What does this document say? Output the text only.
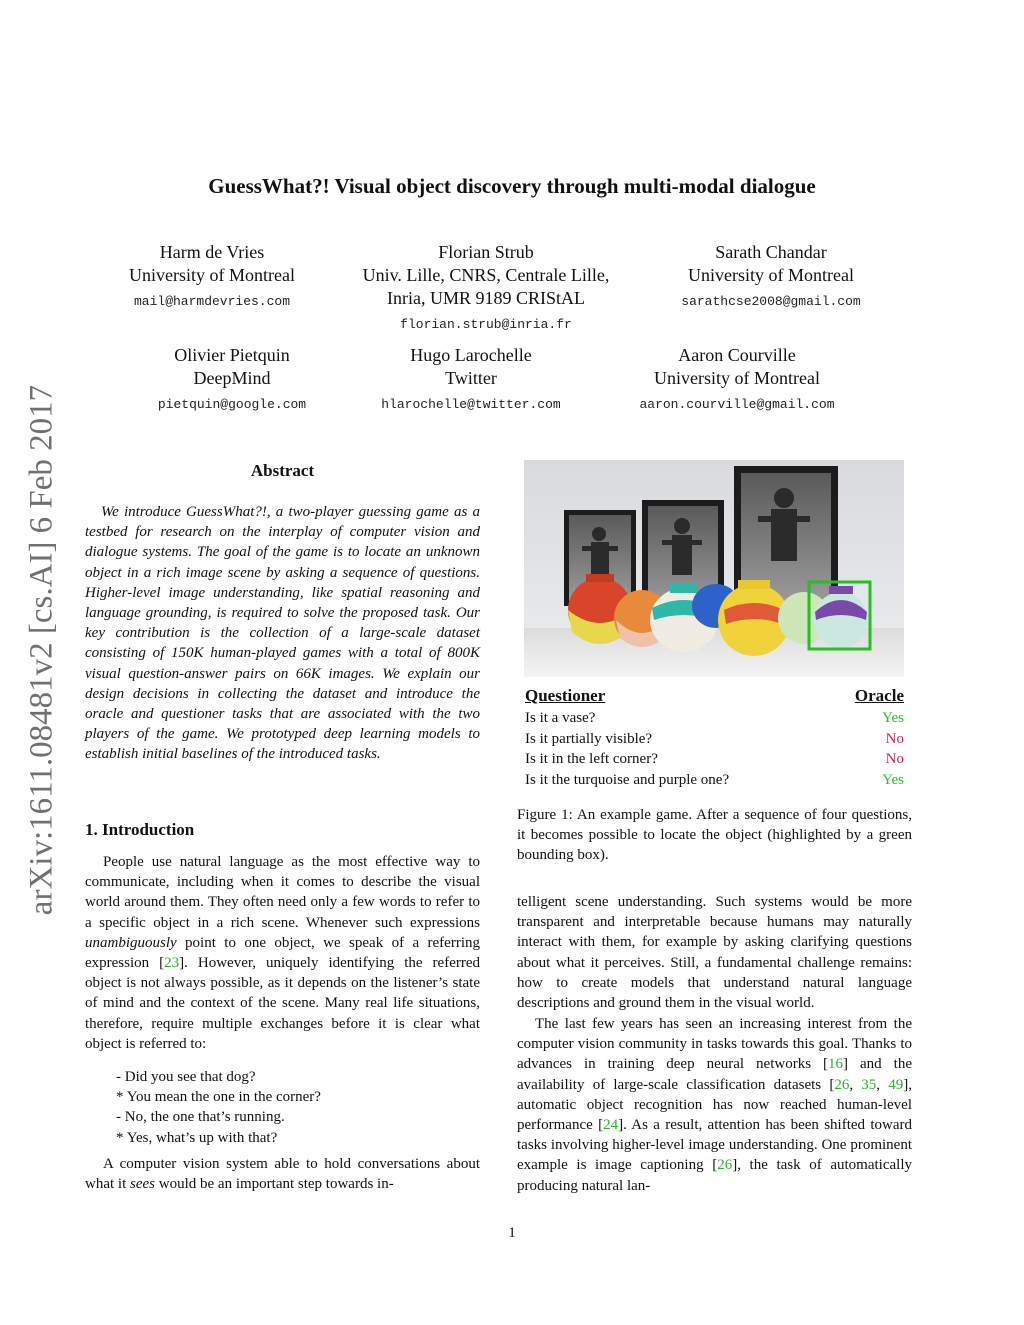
arXiv:1611.08481v2 [cs.AI] 6 Feb 2017
GuessWhat?! Visual object discovery through multi-modal dialogue
Harm de Vries
University of Montreal
mail@harmdevries.com
Florian Strub
Univ. Lille, CNRS, Centrale Lille,
Inria, UMR 9189 CRIStAL
florian.strub@inria.fr
Sarath Chandar
University of Montreal
sarathcse2008@gmail.com
Olivier Pietquin
DeepMind
pietquin@google.com
Hugo Larochelle
Twitter
hlarochelle@twitter.com
Aaron Courville
University of Montreal
aaron.courville@gmail.com
Abstract
We introduce GuessWhat?!, a two-player guessing game as a testbed for research on the interplay of computer vision and dialogue systems. The goal of the game is to locate an unknown object in a rich image scene by asking a sequence of questions. Higher-level image understanding, like spatial reasoning and language grounding, is required to solve the proposed task. Our key contribution is the collection of a large-scale dataset consisting of 150K human-played games with a total of 800K visual question-answer pairs on 66K images. We explain our design decisions in collecting the dataset and introduce the oracle and questioner tasks that are associated with the two players of the game. We prototyped deep learning models to establish initial baselines of the introduced tasks.
1. Introduction

People use natural language as the most effective way to communicate, including when it comes to describe the visual world around them. They often need only a few words to refer to a specific object in a rich scene. Whenever such expressions unambiguously point to one object, we speak of a referring expression [23]. However, uniquely identifying the referred object is not always possible, as it depends on the listener’s state of mind and the context of the scene. Many real life situations, therefore, require multiple exchanges before it is clear what object is referred to:

- Did you see that dog?
* You mean the one in the corner?
- No, the one that’s running.
* Yes, what’s up with that?

A computer vision system able to hold conversations about what it sees would be an important step towards in-

Questioner	Oracle
Is it a vase?	Yes
Is it partially visible?	No
Is it in the left corner?	No
Is it the turquoise and purple one?	Yes
Figure 1: An example game. After a sequence of four questions, it becomes possible to locate the object (highlighted by a green bounding box).

telligent scene understanding. Such systems would be more transparent and interpretable because humans may naturally interact with them, for example by asking clarifying questions about what it perceives. Still, a fundamental challenge remains: how to create models that understand natural language descriptions and ground them in the visual world.

The last few years has seen an increasing interest from the computer vision community in tasks towards this goal. Thanks to advances in training deep neural networks [16] and the availability of large-scale classification datasets [26, 35, 49], automatic object recognition has now reached human-level performance [24]. As a result, attention has been shifted toward tasks involving higher-level image understanding. One prominent example is image captioning [26], the task of automatically producing natural lan-

1
